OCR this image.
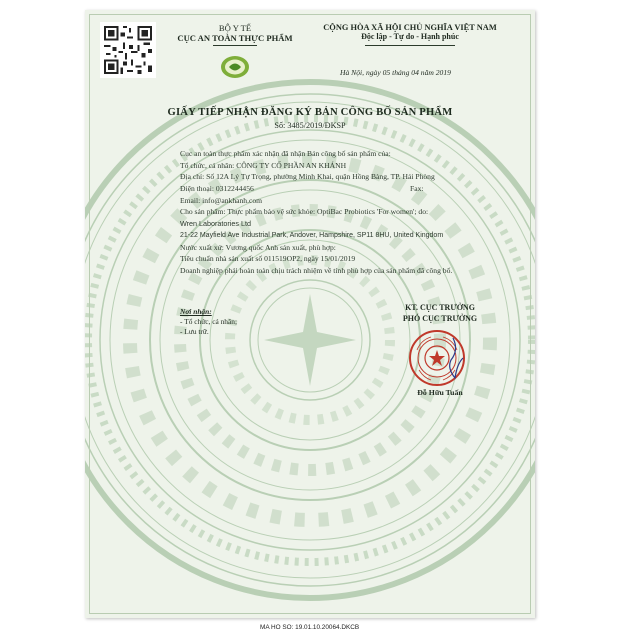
BỘ Y TẾ
CỤC AN TOÀN THỰC PHẨM
CỘNG HÒA XÃ HỘI CHỦ NGHĨA VIỆT NAM
Độc lập - Tự do - Hạnh phúc
Hà Nội, ngày 05 tháng 04 năm 2019
GIẤY TIẾP NHẬN ĐĂNG KÝ BẢN CÔNG BỐ SẢN PHẨM
Số: 3485/2019/ĐKSP
Cục an toàn thực phẩm xác nhận đã nhận Bản công bố sản phẩm của:
Tổ chức, cá nhân: CÔNG TY CỔ PHẦN AN KHÁNH
Địa chỉ: Số 12A Lý Tự Trọng, phường Minh Khai, quận Hồng Bàng, TP. Hải Phòng
Điện thoại: 0312244456	Fax:
Email: info@ankhanh.com
Cho sản phẩm: Thực phẩm bảo vệ sức khỏe: OptiBac Probiotics 'For women'; do:
Wren Laboratories Ltd
21-22 Mayfield Ave Industrial Park, Andover, Hampshire, SP11 8HU, United Kingdom
Nước xuất xứ: Vương quốc Anh sản xuất, phù hợp:
Tiêu chuẩn nhà sản xuất số 011519OP2, ngày 15/01/2019
Doanh nghiệp phải hoàn toàn chịu trách nhiệm về tính phù hợp của sản phẩm đã công bố.
Nơi nhận:
- Tổ chức, cá nhân;
- Lưu trữ.
KT. CỤC TRƯỞNG
PHÓ CỤC TRƯỞNG
Đỗ Hữu Tuấn
MA HO SO: 19.01.10.20064.DKCB
